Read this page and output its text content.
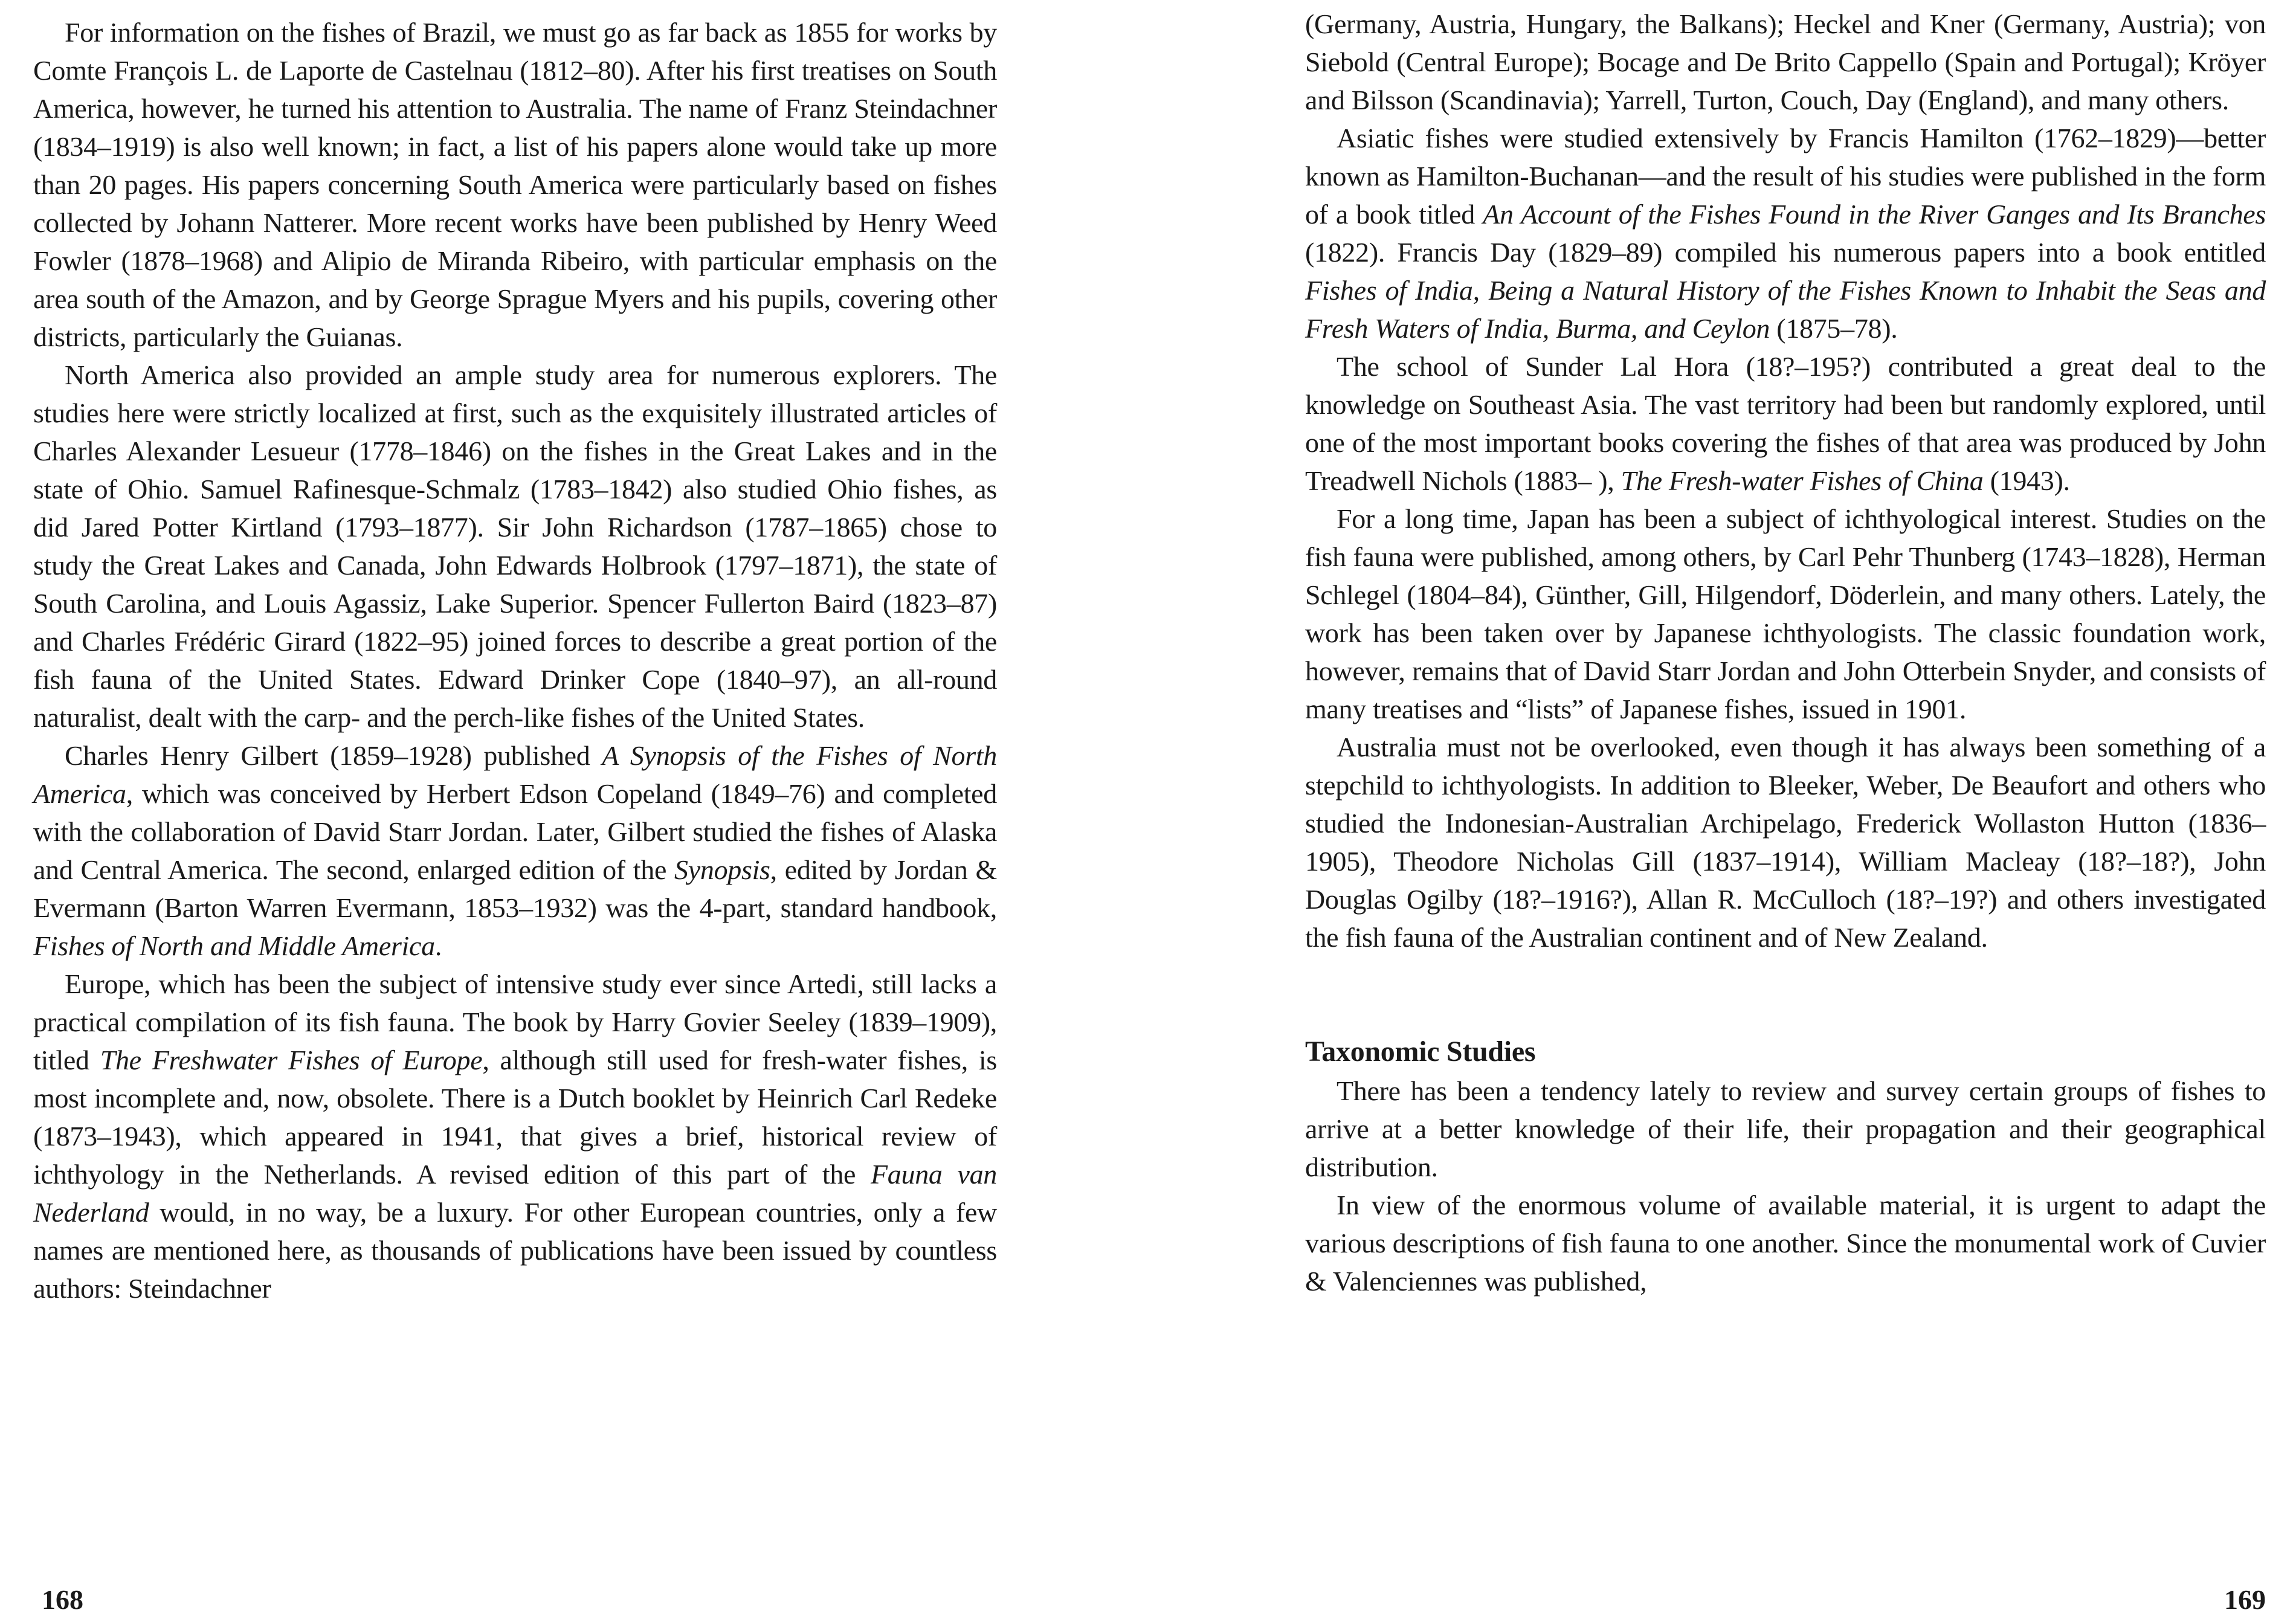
For information on the fishes of Brazil, we must go as far back as 1855 for works by Comte François L. de Laporte de Castelnau (1812–80). After his first treatises on South America, however, he turned his attention to Australia. The name of Franz Steindachner (1834–1919) is also well known; in fact, a list of his papers alone would take up more than 20 pages. His papers concerning South America were particularly based on fishes collected by Johann Natterer. More recent works have been published by Henry Weed Fowler (1878–1968) and Alipio de Miranda Ribeiro, with particular emphasis on the area south of the Amazon, and by George Sprague Myers and his pupils, covering other districts, particularly the Guianas.

North America also provided an ample study area for numerous explorers. The studies here were strictly localized at first, such as the exquisitely illustrated articles of Charles Alexander Lesueur (1778–1846) on the fishes in the Great Lakes and in the state of Ohio. Samuel Rafinesque-Schmalz (1783–1842) also studied Ohio fishes, as did Jared Potter Kirtland (1793–1877). Sir John Richardson (1787–1865) chose to study the Great Lakes and Canada, John Edwards Holbrook (1797–1871), the state of South Carolina, and Louis Agassiz, Lake Superior. Spencer Fullerton Baird (1823–87) and Charles Frédéric Girard (1822–95) joined forces to describe a great portion of the fish fauna of the United States. Edward Drinker Cope (1840–97), an all-round naturalist, dealt with the carp- and the perch-like fishes of the United States.

Charles Henry Gilbert (1859–1928) published A Synopsis of the Fishes of North America, which was conceived by Herbert Edson Copeland (1849–76) and completed with the collaboration of David Starr Jordan. Later, Gilbert studied the fishes of Alaska and Central America. The second, enlarged edition of the Synopsis, edited by Jordan & Evermann (Barton Warren Evermann, 1853–1932) was the 4-part, standard handbook, Fishes of North and Middle America.

Europe, which has been the subject of intensive study ever since Artedi, still lacks a practical compilation of its fish fauna. The book by Harry Govier Seeley (1839–1909), titled The Freshwater Fishes of Europe, although still used for fresh-water fishes, is most incomplete and, now, obsolete. There is a Dutch booklet by Heinrich Carl Redeke (1873–1943), which appeared in 1941, that gives a brief, historical review of ichthyology in the Netherlands. A revised edition of this part of the Fauna van Nederland would, in no way, be a luxury. For other European countries, only a few names are mentioned here, as thousands of publications have been issued by countless authors: Steindachner

168

(Germany, Austria, Hungary, the Balkans); Heckel and Kner (Germany, Austria); von Siebold (Central Europe); Bocage and De Brito Cappello (Spain and Portugal); Kröyer and Bilsson (Scandinavia); Yarrell, Turton, Couch, Day (England), and many others.

Asiatic fishes were studied extensively by Francis Hamilton (1762–1829)—better known as Hamilton-Buchanan—and the result of his studies were published in the form of a book titled An Account of the Fishes Found in the River Ganges and Its Branches (1822). Francis Day (1829–89) compiled his numerous papers into a book entitled Fishes of India, Being a Natural History of the Fishes Known to Inhabit the Seas and Fresh Waters of India, Burma, and Ceylon (1875–78).

The school of Sunder Lal Hora (18?–195?) contributed a great deal to the knowledge on Southeast Asia. The vast territory had been but randomly explored, until one of the most important books covering the fishes of that area was produced by John Treadwell Nichols (1883– ), The Fresh-water Fishes of China (1943).

For a long time, Japan has been a subject of ichthyological interest. Studies on the fish fauna were published, among others, by Carl Pehr Thunberg (1743–1828), Herman Schlegel (1804–84), Günther, Gill, Hilgendorf, Döderlein, and many others. Lately, the work has been taken over by Japanese ichthyologists. The classic foundation work, however, remains that of David Starr Jordan and John Otterbein Snyder, and consists of many treatises and “lists” of Japanese fishes, issued in 1901.

Australia must not be overlooked, even though it has always been something of a stepchild to ichthyologists. In addition to Bleeker, Weber, De Beaufort and others who studied the Indonesian-Australian Archipelago, Frederick Wollaston Hutton (1836–1905), Theodore Nicholas Gill (1837–1914), William Macleay (18?–18?), John Douglas Ogilby (18?–1916?), Allan R. McCulloch (18?–19?) and others investigated the fish fauna of the Australian continent and of New Zealand.

Taxonomic Studies

There has been a tendency lately to review and survey certain groups of fishes to arrive at a better knowledge of their life, their propagation and their geographical distribution.

In view of the enormous volume of available material, it is urgent to adapt the various descriptions of fish fauna to one another. Since the monumental work of Cuvier & Valenciennes was published,

169
